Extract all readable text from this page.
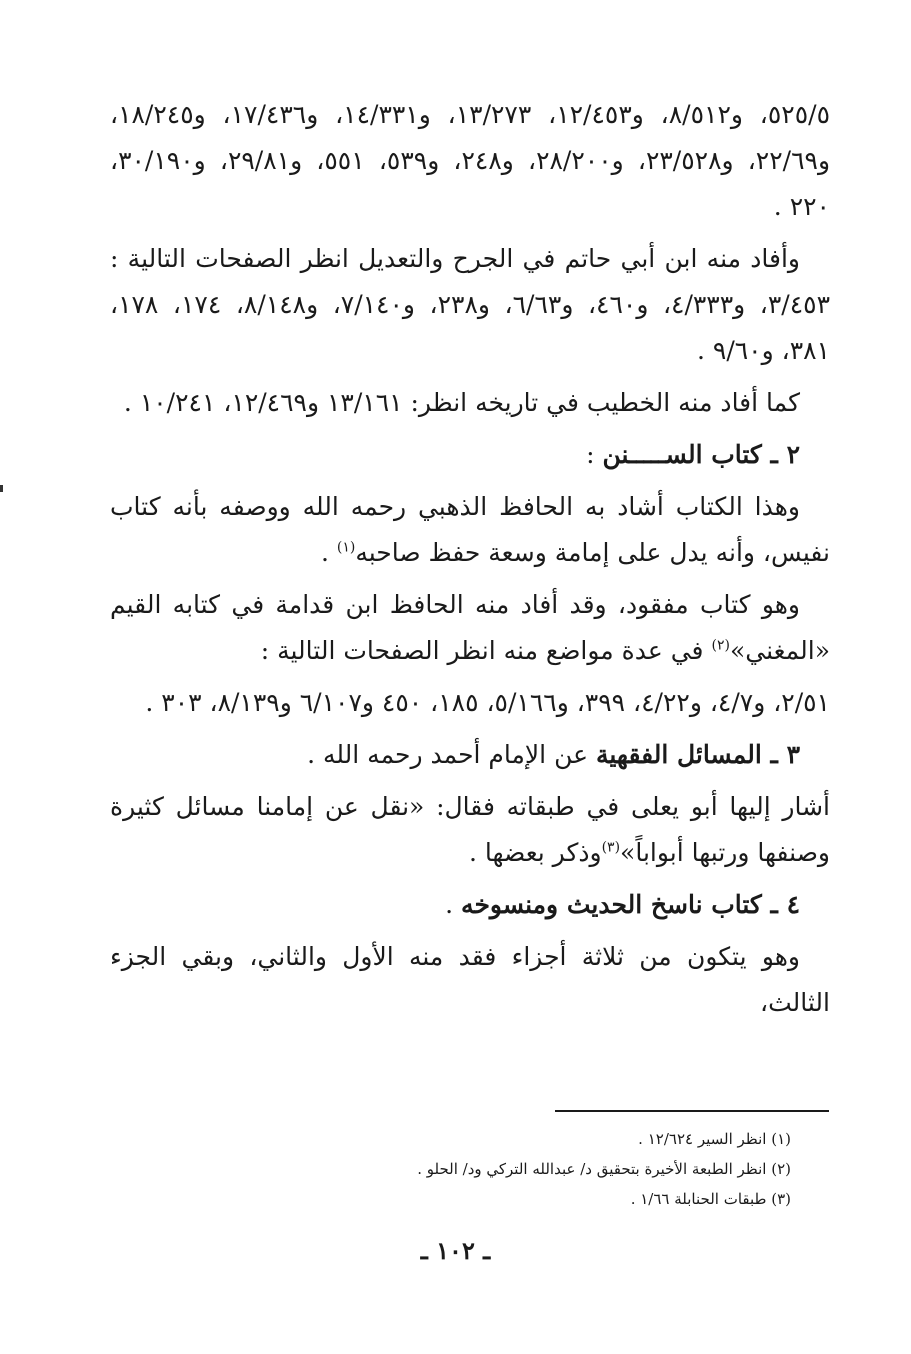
٥٢٥/٥، و٨/٥١٢، و١٢/٤٥٣، ١٣/٢٧٣، و١٤/٣٣١، و١٧/٤٣٦، و١٨/٢٤٥، و٢٢/٦٩، و٢٣/٥٢٨، و٢٨/٢٠٠، و٢٤٨، و٥٣٩، ٥٥١، و٢٩/٨١، و٣٠/١٩٠، ٢٢٠ .

وأفاد منه ابن أبي حاتم في الجرح والتعديل انظر الصفحات التالية : ٣/٤٥٣، و٤/٣٣٣، و٤٦٠، و٦/٦٣، و٢٣٨، و٧/١٤٠، و٨/١٤٨، ١٧٤، ١٧٨، ٣٨١، و٩/٦٠ .

كما أفاد منه الخطيب في تاريخه انظر: ١٣/١٦١ و١٢/٤٦٩، ١٠/٢٤١ .

٢ ـ كتاب الســـــنن :

وهذا الكتاب أشاد به الحافظ الذهبي رحمه الله ووصفه بأنه كتاب نفيس، وأنه يدل على إمامة وسعة حفظ صاحبه$^{(١)}$ .

وهو كتاب مفقود، وقد أفاد منه الحافظ ابن قدامة في كتابه القيم «المغني»$^{(٢)}$ في عدة مواضع منه انظر الصفحات التالية :

٢/٥١، و٤/٧، و٤/٢٢، ٣٩٩، و٥/١٦٦، ١٨٥، ٤٥٠ و٦/١٠٧ و٨/١٣٩، ٣٠٣ .

٣ ـ المسائل الفقهية عن الإمام أحمد رحمه الله .

أشار إليها أبو يعلى في طبقاته فقال: «نقل عن إمامنا مسائل كثيرة وصنفها ورتبها أبواباً»$^{(٣)}$وذكر بعضها .

٤ ـ كتاب ناسخ الحديث ومنسوخه .

وهو يتكون من ثلاثة أجزاء فقد منه الأول والثاني، وبقي الجزء الثالث،

(١) انظر السير ١٢/٦٢٤ .
(٢) انظر الطبعة الأخيرة بتحقيق د/ عبدالله التركي ود/ الحلو .
(٣) طبقات الحنابلة ١/٦٦ .
ـ ١٠٢ ـ
